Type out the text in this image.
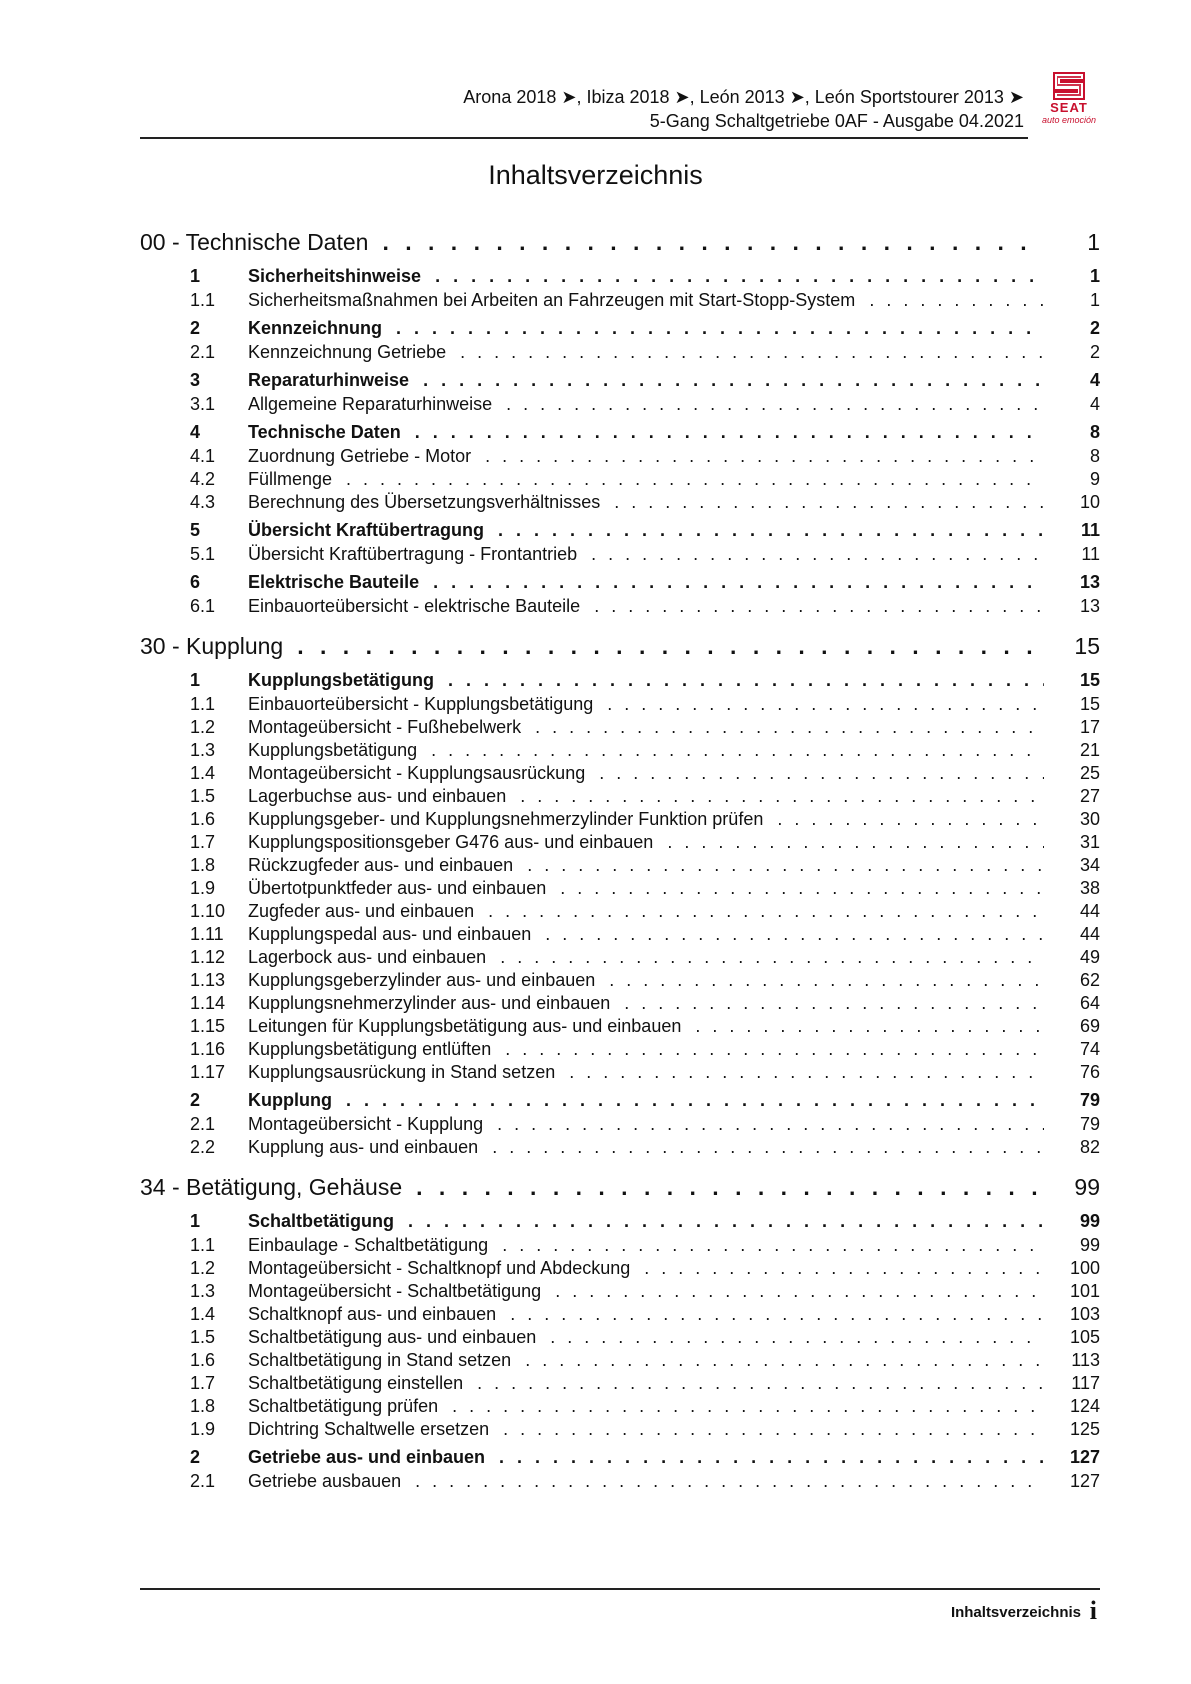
Arona 2018 ➤, Ibiza 2018 ➤, León 2013 ➤, León Sportstourer 2013 ➤
5-Gang Schaltgetriebe 0AF - Ausgabe 04.2021
SEAT
auto emoción
Inhaltsverzeichnis
00 - Technische Daten . . .	1
1	Sicherheitshinweise . . .	1
1.1	Sicherheitsmaßnahmen bei Arbeiten an Fahrzeugen mit Start-Stopp-System . . .	1
2	Kennzeichnung . . .	2
2.1	Kennzeichnung Getriebe . . .	2
3	Reparaturhinweise . . .	4
3.1	Allgemeine Reparaturhinweise . . .	4
4	Technische Daten . . .	8
4.1	Zuordnung Getriebe - Motor . . .	8
4.2	Füllmenge . . .	9
4.3	Berechnung des Übersetzungsverhältnisses . . .	10
5	Übersicht Kraftübertragung . . .	11
5.1	Übersicht Kraftübertragung - Frontantrieb . . .	11
6	Elektrische Bauteile . . .	13
6.1	Einbauorteübersicht - elektrische Bauteile . . .	13
30 - Kupplung . . .	15
1	Kupplungsbetätigung . . .	15
1.1	Einbauorteübersicht - Kupplungsbetätigung . . .	15
1.2	Montageübersicht - Fußhebelwerk . . .	17
1.3	Kupplungsbetätigung . . .	21
1.4	Montageübersicht - Kupplungsausrückung . . .	25
1.5	Lagerbuchse aus- und einbauen . . .	27
1.6	Kupplungsgeber- und Kupplungsnehmerzylinder Funktion prüfen . . .	30
1.7	Kupplungspositionsgeber G476 aus- und einbauen . . .	31
1.8	Rückzugfeder aus- und einbauen . . .	34
1.9	Übertotpunktfeder aus- und einbauen . . .	38
1.10	Zugfeder aus- und einbauen . . .	44
1.11	Kupplungspedal aus- und einbauen . . .	44
1.12	Lagerbock aus- und einbauen . . .	49
1.13	Kupplungsgeberzylinder aus- und einbauen . . .	62
1.14	Kupplungsnehmerzylinder aus- und einbauen . . .	64
1.15	Leitungen für Kupplungsbetätigung aus- und einbauen . . .	69
1.16	Kupplungsbetätigung entlüften . . .	74
1.17	Kupplungsausrückung in Stand setzen . . .	76
2	Kupplung . . .	79
2.1	Montageübersicht - Kupplung . . .	79
2.2	Kupplung aus- und einbauen . . .	82
34 - Betätigung, Gehäuse . . .	99
1	Schaltbetätigung . . .	99
1.1	Einbaulage - Schaltbetätigung . . .	99
1.2	Montageübersicht - Schaltknopf und Abdeckung . . .	100
1.3	Montageübersicht - Schaltbetätigung . . .	101
1.4	Schaltknopf aus- und einbauen . . .	103
1.5	Schaltbetätigung aus- und einbauen . . .	105
1.6	Schaltbetätigung in Stand setzen . . .	113
1.7	Schaltbetätigung einstellen . . .	117
1.8	Schaltbetätigung prüfen . . .	124
1.9	Dichtring Schaltwelle ersetzen . . .	125
2	Getriebe aus- und einbauen . . .	127
2.1	Getriebe ausbauen . . .	127
Inhaltsverzeichnis i
